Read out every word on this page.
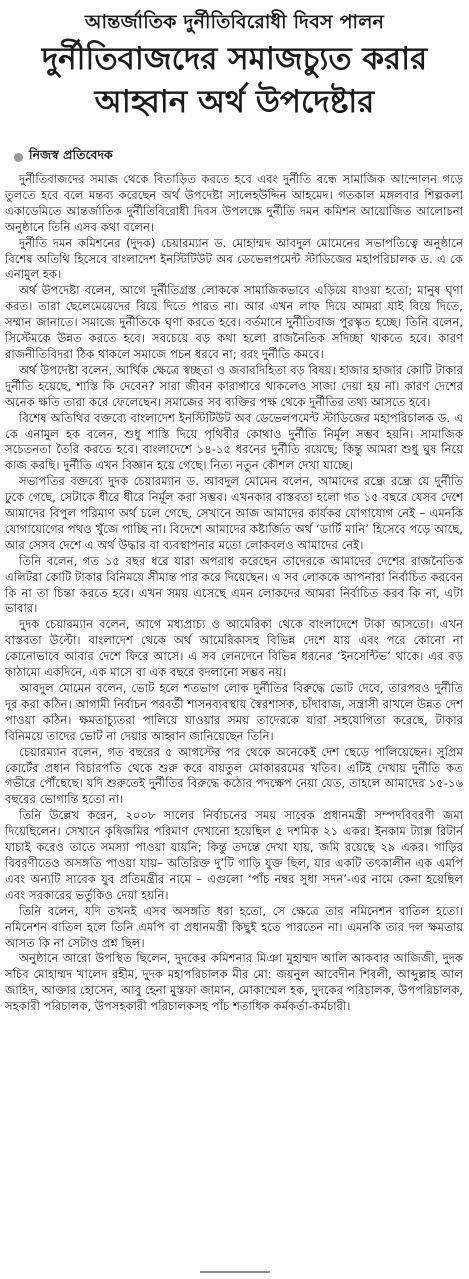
আন্তর্জাতিক দুর্নীতিবিরোধী দিবস পালন
দুর্নীতিবাজদের সমাজচ্যুত করার
আহ্বান অর্থ উপদেষ্টার
নিজস্ব প্রতিবেদক

দুর্নীতিবাজদের সমাজ থেকে বিতাড়িত করতে হবে এবং দুর্নীতি বন্ধে সামাজিক আন্দোলন গড়ে তুলতে হবে বলে মন্তব্য করেছেন অর্থ উপদেষ্টা সালেহউদ্দিন আহমেদ। গতকাল মঙ্গলবার শিল্পকলা একাডেমিতে আন্তর্জাতিক দুর্নীতিবিরোধী দিবস উপলক্ষে দুর্নীতি দমন কমিশন আয়োজিত আলোচনা অনুষ্ঠানে তিনি এসব কথা বলেন।

দুর্নীতি দমন কমিশনের (দুদক) চেয়ারম্যান ড. মোহাম্মদ আবদুল মোমেনের সভাপতিত্বে অনুষ্ঠানে বিশেষ অতিথি হিসেবে বাংলাদেশ ইনস্টিটিউট অব ডেভেলপমেন্ট স্টাডিজের মহাপরিচালক ড. এ কে এনামুল হক।

অর্থ উপদেষ্টা বলেন, আগে দুর্নীতিগ্রস্ত লোককে সামাজিকভাবে এড়িয়ে যাওয়া হতো; মানুষ ঘৃণা করত। তারা ছেলেমেয়েদের বিয়ে দিতে পারত না। আর এখন লাফ দিয়ে আমরা যাই বিয়ে দিতে, সম্মান জানাতে। সমাজে দুর্নীতিকে ঘৃণা করতে হবে। বর্তমানে দুর্নীতিবাজ পুরস্কৃত হচ্ছে। তিনি বলেন, সিস্টেমকে উন্নত করতে হবে। সবচেয়ে বড় কথা হলো রাজনৈতিক সদিচ্ছা থাকতে হবে। কারণ রাজনীতিবিদরা ঠিক থাকলে সমাজে পচন ধরবে না; বরং দুর্নীতি কমবে।

অর্থ উপদেষ্টা বলেন, আর্থিক ক্ষেত্রে স্বচ্ছতা ও জবাবদিহিতা বড় বিষয়। হাজার হাজার কোটি টাকার দুর্নীতি হয়েছে, শাস্তি কি দেবেন? সারা জীবন কারাগারে থাকলেও সাজা দেয়া হয় না। কারণ দেশের অনেক ক্ষতি তারা করে ফেলেছেন। সমাজের সব ব্যক্তির পক্ষ থেকে দুর্নীতির তথ্য আসতে হবে।

বিশেষ অতিথির বক্তব্যে বাংলাদেশ ইনস্টিটিউট অব ডেভেলপমেন্ট স্টাডিজের মহাপরিচালক ড. এ কে এনামুল হক বলেন, শুধু শাস্তি দিয়ে পৃথিবীর কোথাও দুর্নীতি নির্মূল সম্ভব হয়নি। সামাজিক সচেতনতা তৈরি করতে হবে। বাংলাদেশে ১৪-১৫ ধরনের দুর্নীতি রয়েছে; কিন্তু আমরা শুধু ঘুষ নিয়ে কাজ করছি। দুর্নীতি এখন বিজ্ঞান হয়ে গেছে। নিত্য নতুন কৌশল দেখা যাচ্ছে।

সভাপতির বক্তব্যে দুদক চেয়ারম্যান ড. আবদুল মোমেন বলেন, আমাদের রন্ধ্রে রন্ধ্রে যে দুর্নীতি ঢুকে গেছে, সেটাকে ধীরে ধীরে নির্মূল করা সম্ভব। এখনকার বাস্তবতা হলো গত ১৫ বছরে যেসব দেশে আমাদের বিপুল পরিমাণ অর্থ চলে গেছে, সেখানে আজ আমাদের কার্যকর যোগাযোগ নেই – এমনকি যোগাযোগের পথও খুঁজে পাচ্ছি না। বিদেশে আমাদের কষ্টার্জিত অর্থ ‘ডার্টি মানি’ হিসেবে পড়ে আছে, আর সেসব দেশে এ অর্থ উদ্ধার বা ব্যবস্থাপনার মতো লোকবলও আমাদের নেই।

তিনি বলেন, গত ১৫ বছর ধরে যারা অপরাধ করেছেন তাদেরকে আমাদের দেশের রাজনৈতিক এলিটরা কোটি টাকার বিনিময়ে সীমান্ত পার করে দিয়েছেন। এ সব লোককে আপনারা নির্বাচিত করবেন কি না তা চিন্তা করতে হবে। এখন সময় এসেছে এমন লোকদের আমরা নির্বাচিত করব কি না, এটা ভাবার।

দুদক চেয়ারম্যান বলেন, আগে মধ্যপ্রাচ্য ও আমেরিকা থেকে বাংলাদেশে টাকা আসতো। এখন বাস্তবতা উল্টো। বাংলাদেশ থেকে অর্থ আমেরিকাসহ বিভিন্ন দেশে যায় এবং পরে কোনো না কোনোভাবে আবার দেশে ফিরে আসে। এ সব লেনদেনে বিভিন্ন ধরনের ‘ইনসেন্টিভ’ থাকে। এর বড় কাঠামো একদিনে, এক মাসে বা এক বছরে বদলানো সম্ভব নয়।

আবদুল মোমেন বলেন, ভোট হলে শতভাগ লোক দুর্নীতির বিরুদ্ধে ভোট দেবে, তারপরও দুর্নীতি দূর করা কঠিন। আগামী নির্বাচন পরবর্তী শাসনব্যবস্থায় স্বৈরশাসক, চাঁদাবাজ, সন্ত্রাসী রাখলে উন্নত দেশ পাওয়া কঠিন। ক্ষমতাচ্যুতরা পালিয়ে যাওয়ার সময় তাদেরকে যারা সহযোগিতা করেছে, টাকার বিনিময়ে তাদের ভোট না দেয়ার আহ্বান জানিয়েছেন তিনি।

চেয়ারম্যান বলেন, গত বছরের ৫ আগস্টের পর থেকে অনেকেই দেশ ছেড়ে পালিয়েছেন। সুপ্রিম কোর্টের প্রধান বিচারপতি থেকে শুরু করে বায়তুল মোকাররমের খতিব। এটিই দেখায় দুর্নীতি কত গভীরে পৌঁছেছে। যদি শুরুতেই দুর্নীতির বিরুদ্ধে কঠোর পদক্ষেপ নেয়া যেত, তাহলে আমাদের ১৫-১৬ বছরের ভোগান্তি হতো না।

তিনি উল্লেখ করেন, ২০০৮ সালের নির্বাচনের সময় সাবেক প্রধানমন্ত্রী সম্পদবিবরণী জমা দিয়েছিলেন। সেখানে কৃষিজমির পরিমাণ দেখানো হয়েছিল ৫ দশমিক ২১ একর। ইনকাম ট্যাক্স রিটার্ন যাচাই করেও তাতে সমস্যা পাওয়া যায়নি; কিন্তু তদন্তে দেখা যায়, জমি রয়েছে ২৯ একর। গাড়ির বিবরণীতেও অসঙ্গতি পাওয়া যায়– অতিরিক্ত দু’টি গাড়ি যুক্ত ছিল, যার একটি তৎকালীন এক এমপি এবং অন্যটি সাবেক যুব প্রতিমন্ত্রীর নামে – এগুলো ‘পাঁচ নম্বর সুধা সদন’-এর নামে কেনা হয়েছিল এবং সরকারের ভর্তুকিও দেয়া হয়নি।

তিনি বলেন, যদি তখনই এসব অসঙ্গতি ধরা হতো, সে ক্ষেত্রে তার নমিনেশন বাতিল হতো। নমিনেশন বাতিল হলে তিনি এমপি বা প্রধানমন্ত্রী কিছুই হতে পারতেন না। এমনকি তার দল ক্ষমতায় আসত কি না সেটাও প্রশ্ন ছিল।

অনুষ্ঠানে আরো উপস্থিত ছিলেন, দুদকের কমিশনার মিঞা মুহাম্মদ আলি আকবার আজিজী, দুদক সচিব মোহাম্মদ খালেদ রহীম, দুদক মহাপরিচালক মীর মো: জয়নুল আবেদীন শিবলী, আব্দুল্লাহ আল জাহিদ, আক্তার হোসেন, আবু হেনা মুস্তফা জামান, মোকাম্মেল হক, দুদকের পরিচালক, উপপরিচালক, সহকারী পরিচালক, উপসহকারী পরিচালকসহ পাঁচ শতাধিক কর্মকর্তা-কর্মচারী।
